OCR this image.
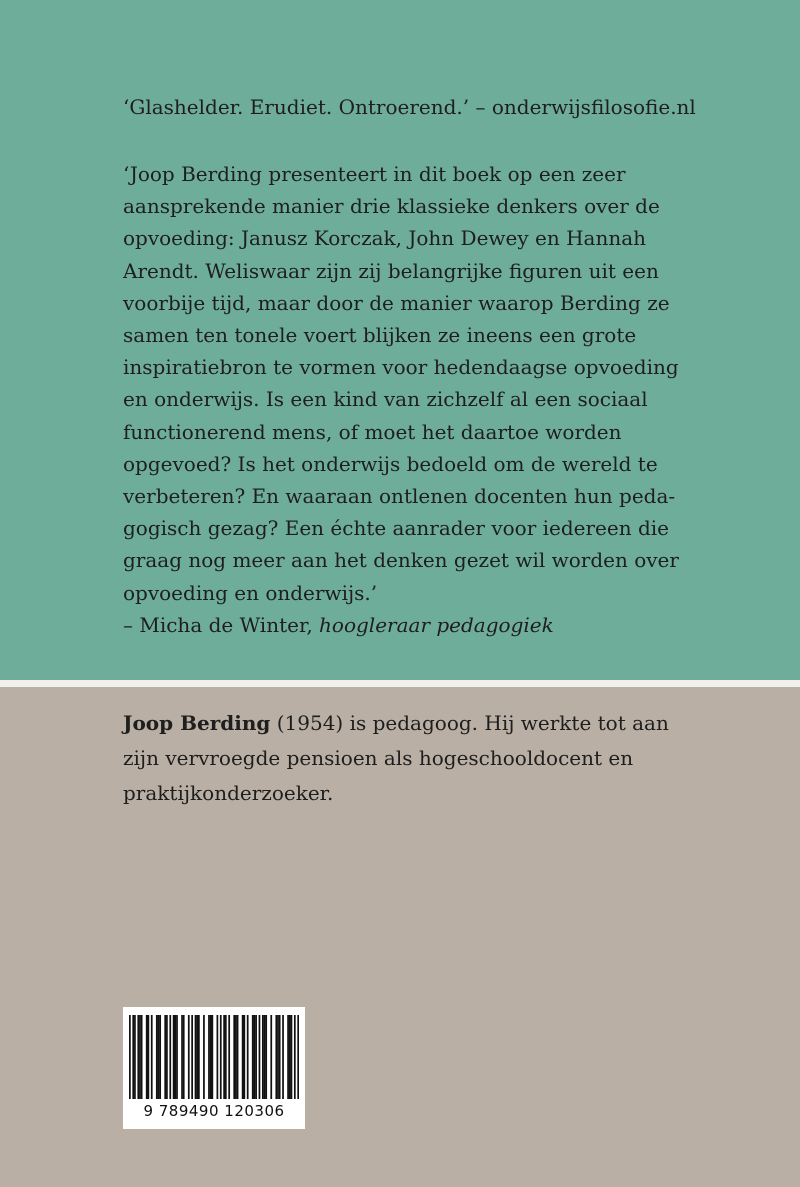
‘Glashelder. Erudiet. Ontroerend.’ – onderwijsfilosofie.nl

‘Joop Berding presenteert in dit boek op een zeer
aansprekende manier drie klassieke denkers over de
opvoeding: Janusz Korczak, John Dewey en Hannah
Arendt. Weliswaar zijn zij belangrijke figuren uit een
voorbije tijd, maar door de manier waarop Berding ze
samen ten tonele voert blijken ze ineens een grote
inspiratiebron te vormen voor hedendaagse opvoeding
en onderwijs. Is een kind van zichzelf al een sociaal
functionerend mens, of moet het daartoe worden
opgevoed? Is het onderwijs bedoeld om de wereld te
verbeteren? En waaraan ontlenen docenten hun peda-
gogisch gezag? Een échte aanrader voor iedereen die
graag nog meer aan het denken gezet wil worden over
opvoeding en onderwijs.’
– Micha de Winter, hoogleraar pedagogiek
Joop Berding (1954) is pedagoog. Hij werkte tot aan
zijn vervroegde pensioen als hogeschooldocent en
praktijkonderzoeker.
9 789490 120306
